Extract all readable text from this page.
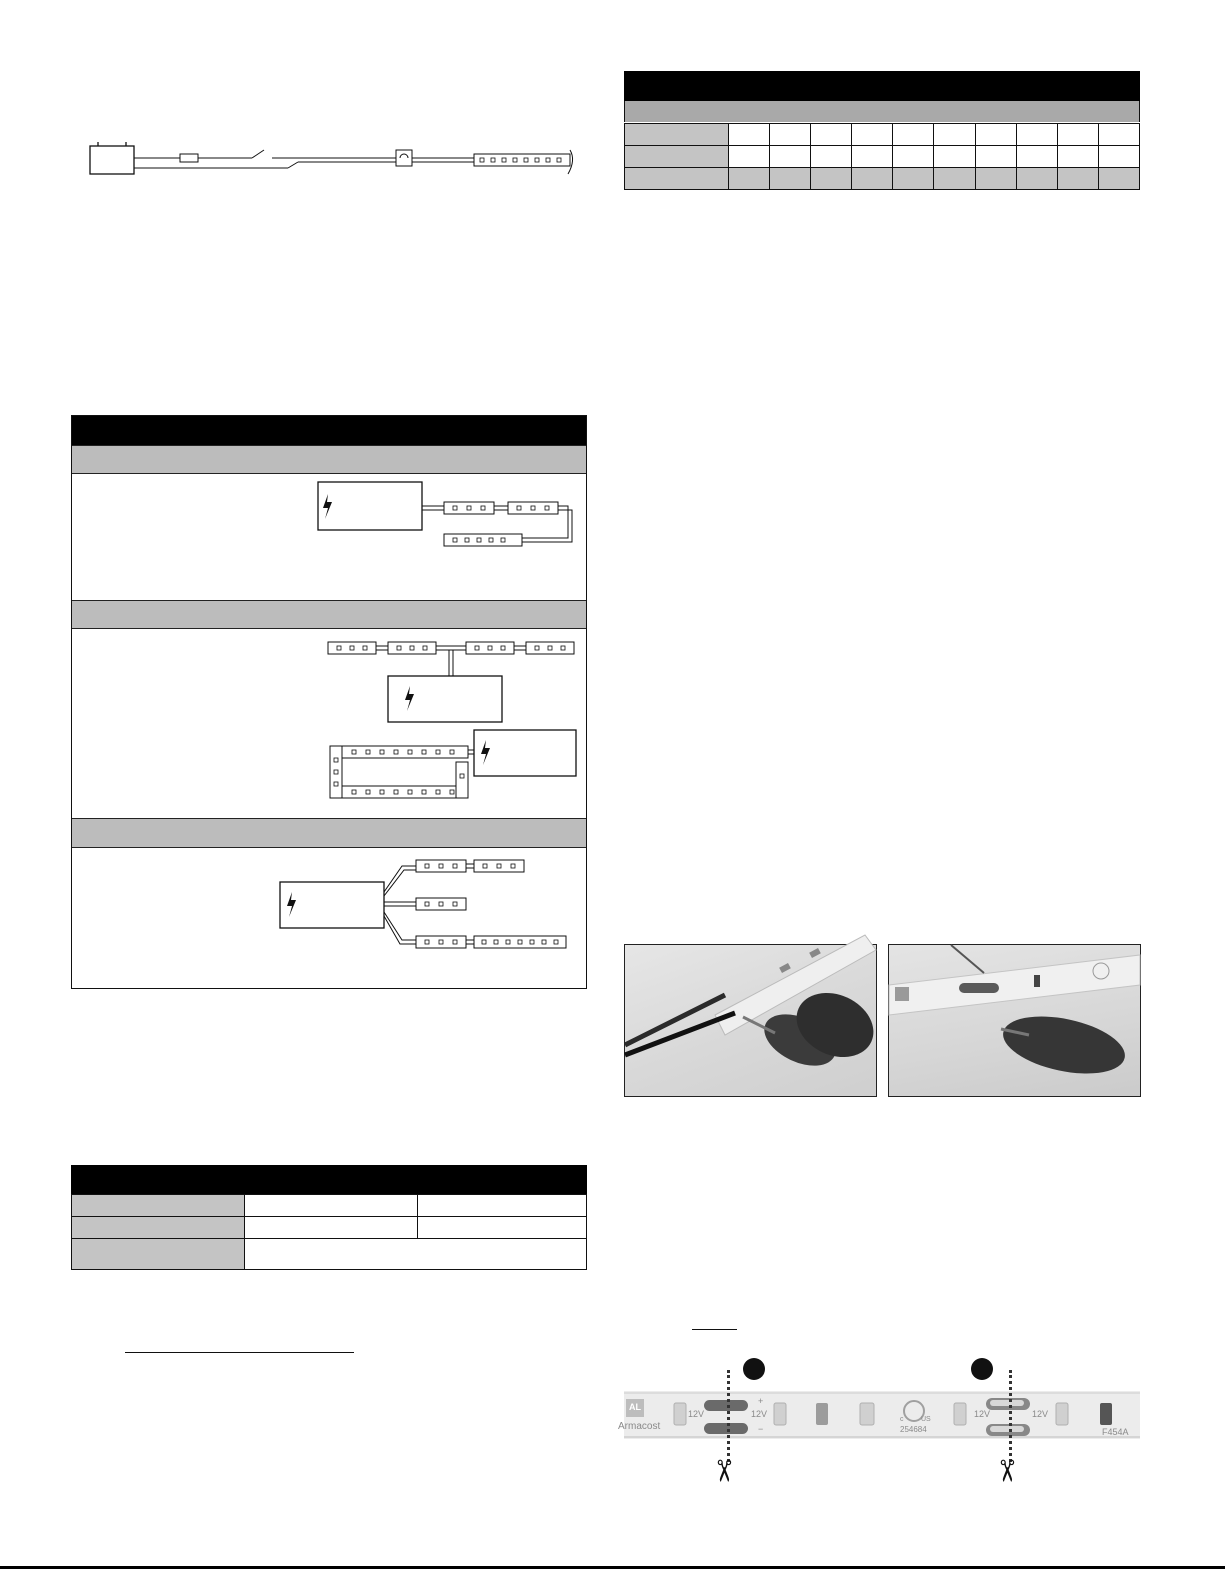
AL
Armacost
12V	12V
+
−
c	US
254684
12V	12V
F454A
✂	✂
